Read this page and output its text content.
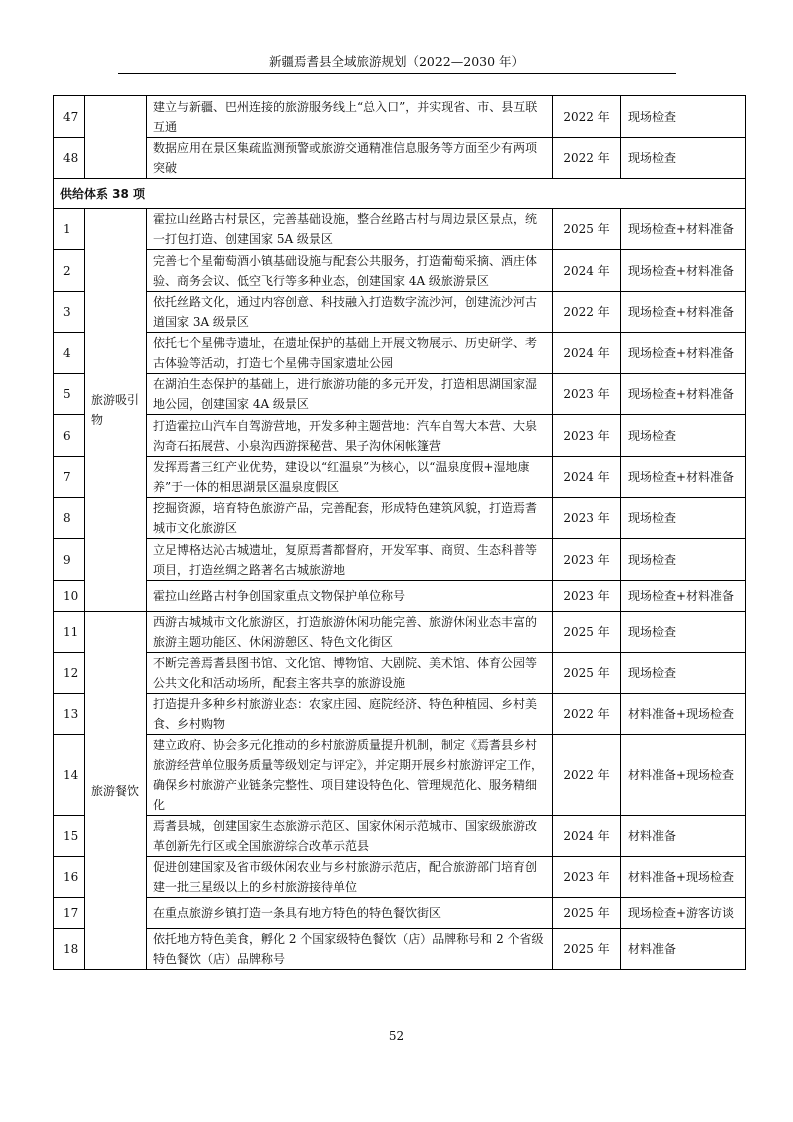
新疆焉耆县全域旅游规划（2022—2030 年）
47		建立与新疆、巴州连接的旅游服务线上“总入口”，并实现省、市、县互联互通	2022 年	现场检查
48		数据应用在景区集疏监测预警或旅游交通精准信息服务等方面至少有两项突破	2022 年	现场检查
供给体系 38 项				
1	旅游吸引物	霍拉山丝路古村景区，完善基础设施，整合丝路古村与周边景区景点，统一打包打造、创建国家 5A 级景区	2025 年	现场检查+材料准备
2		完善七个星葡萄酒小镇基础设施与配套公共服务，打造葡萄采摘、酒庄体验、商务会议、低空飞行等多种业态，创建国家 4A 级旅游景区	2024 年	现场检查+材料准备
3		依托丝路文化，通过内容创意、科技融入打造数字流沙河，创建流沙河古道国家 3A 级景区	2022 年	现场检查+材料准备
4		依托七个星佛寺遗址，在遗址保护的基础上开展文物展示、历史研学、考古体验等活动，打造七个星佛寺国家遗址公园	2024 年	现场检查+材料准备
5		在湖泊生态保护的基础上，进行旅游功能的多元开发，打造相思湖国家湿地公园，创建国家 4A 级景区	2023 年	现场检查+材料准备
6		打造霍拉山汽车自驾游营地，开发多种主题营地：汽车自驾大本营、大泉沟奇石拓展营、小泉沟西游探秘营、果子沟休闲帐篷营	2023 年	现场检查
7		发挥焉耆三红产业优势，建设以“红温泉”为核心，以“温泉度假+湿地康养”于一体的相思湖景区温泉度假区	2024 年	现场检查+材料准备
8		挖掘资源，培育特色旅游产品，完善配套，形成特色建筑风貌，打造焉耆城市文化旅游区	2023 年	现场检查
9		立足博格达沁古城遗址，复原焉耆都督府，开发军事、商贸、生态科普等项目，打造丝绸之路著名古城旅游地	2023 年	现场检查
10		霍拉山丝路古村争创国家重点文物保护单位称号	2023 年	现场检查+材料准备
11	旅游餐饮	西游古城城市文化旅游区，打造旅游休闲功能完善、旅游休闲业态丰富的旅游主题功能区、休闲游憩区、特色文化街区	2025 年	现场检查
12		不断完善焉耆县图书馆、文化馆、博物馆、大剧院、美术馆、体育公园等公共文化和活动场所，配套主客共享的旅游设施	2025 年	现场检查
13		打造提升多种乡村旅游业态：农家庄园、庭院经济、特色种植园、乡村美食、乡村购物	2022 年	材料准备+现场检查
14		建立政府、协会多元化推动的乡村旅游质量提升机制，制定《焉耆县乡村旅游经营单位服务质量等级划定与评定》，并定期开展乡村旅游评定工作，确保乡村旅游产业链条完整性、项目建设特色化、管理规范化、服务精细化	2022 年	材料准备+现场检查
15		焉耆县城，创建国家生态旅游示范区、国家休闲示范城市、国家级旅游改革创新先行区或全国旅游综合改革示范县	2024 年	材料准备
16		促进创建国家及省市级休闲农业与乡村旅游示范店，配合旅游部门培育创建一批三星级以上的乡村旅游接待单位	2023 年	材料准备+现场检查
17		在重点旅游乡镇打造一条具有地方特色的特色餐饮街区	2025 年	现场检查+游客访谈
18		依托地方特色美食，孵化 2 个国家级特色餐饮（店）品牌称号和 2 个省级特色餐饮（店）品牌称号	2025 年	材料准备
52
